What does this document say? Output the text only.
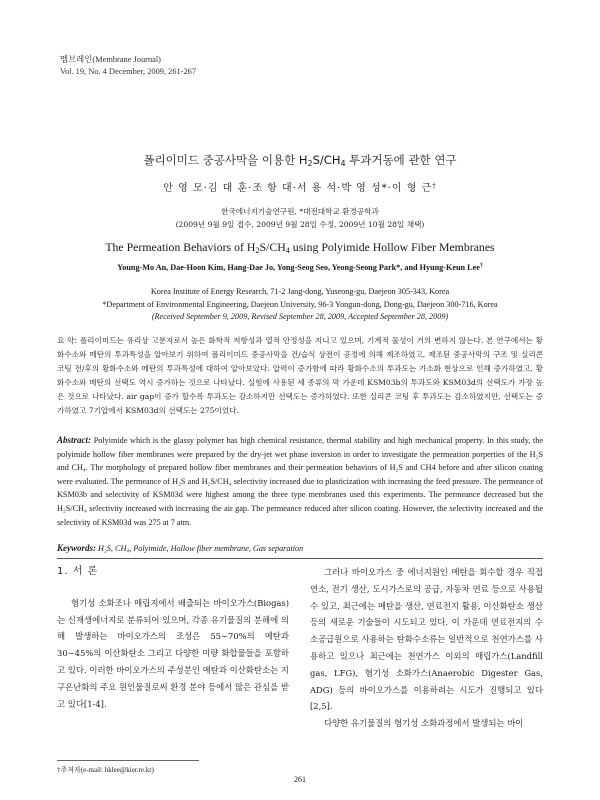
멤브레인(Membrane Journal)
Vol. 19, No. 4 December, 2009, 261-267
폴리이미드 중공사막을 이용한 $H_2S/CH_4$ 투과거동에 관한 연구
안 영 모·김 대 훈·조 항 대·서 용 석·박 영 성*·이 형 근†
한국에너지기술연구원, *대전대학교 환경공학과
(2009년 9월 9일 접수, 2009년 9월 28일 수정, 2009년 10월 28일 채택)
The Permeation Behaviors of $H_2S/CH_4$ using Polyimide Hollow Fiber Membranes
Young-Mo An, Dae-Hoon Kim, Hang-Dae Jo, Yong-Seog Seo, Yeong-Seong Park*, and Hyung-Keun Lee†
Korea Institute of Energy Research, 71-2 Jang-dong, Yuseong-gu, Daejeon 305-343, Korea
*Department of Environmental Engineering, Daejeon University, 96-3 Yongun-dong, Dong-gu, Daejeon 300-716, Korea
(Received September 9, 2009, Revised September 28, 2009, Accepted September 28, 2009)
요 약: 폴리이미드는 유리상 고분자로서 높은 화학적 저항성과 열적 안정성을 지니고 있으며, 기계적 물성이 거의 변하지 않는다. 본 연구에서는 황화수소와 메탄의 투과특성을 알아보기 위하여 폴리이미드 중공사막을 건/습식 상전이 공정에 의해 제조하였고, 제조된 중공사막의 구조 및 실리콘 코팅 전/후의 황화수소와 메탄의 투과특성에 대하여 알아보았다. 압력이 증가함에 따라 황화수소의 투과도는 가소화 현상으로 인해 증가하였고, 황화수소와 메탄의 선택도 역시 증가하는 것으로 나타났다. 실험에 사용된 세 종류의 막 가운데 KSM03b의 투과도와 KSM03d의 선택도가 가장 높은 것으로 나타났다. air gap이 증가 할수록 투과도는 감소하지만 선택도는 증가하였다. 또한 실리콘 코팅 후 투과도는 감소하였지만, 선택도는 증가하였고 7기압에서 KSM03d의 선택도는 275이었다.
Abstract: Polyimide which is the glassy polymer has high chemical resistance, thermal stability and high mechanical property. In this study, the polyimide hollow fiber membranes were prepared by the dry-jet wet phase inversion in order to investigate the permeation porperties of the H₂S and CH₄. The morphology of prepared hollow fiber membranes and their permeation behaviors of H₂S and CH4 before and after silicon coating were evaluated. The permeance of H₂S and H₂S/CH₄ selectivity increased due to plasticization with increasing the feed pressure. The permeance of KSM03b and selectivity of KSM03d were highest among the three type membranes used this experiments. The permeance decreased but the H₂S/CH₄ selectivity increased with increasing the air gap. The permeance reduced after silicon coating. However, the selectivity increased and the selectivity of KSM03d was 275 at 7 atm.
Keywords: H₂S, CH₄, Polyimide, Hollow fiber membrane, Gas separation
1. 서 론

혐기성 소화조나 매립지에서 배출되는 바이오가스(Biogas)는 신재생에너지로 분류되어 있으며, 각종 유기물질의 분해에 의해 발생하는 바이오가스의 조성은 55∼70%의 메탄과 30∼45%의 이산화탄소 그리고 다양한 미량 화합물들을 포함하고 있다. 이러한 바이오가스의 주성분인 메탄과 이산화탄소는 지구온난화의 주요 원인물질로써 환경 분야 등에서 많은 관심을 받고 있다[1-4].

그러나 바이오가스 중 에너지원인 메탄을 회수할 경우 직접연소, 전기 생산, 도시가스로의 공급, 자동차 연료 등으로 사용될 수 있고, 최근에는 메탄을 생산, 연료전지 활용, 이산화탄소 생산 등의 새로운 기술들이 시도되고 있다. 이 가운데 연료전지의 수소공급원으로 사용하는 탄화수소류는 일반적으로 천연가스를 사용하고 있으나 최근에는 천연가스 이외의 매립가스(Landfill gas, LFG), 혐기성 소화가스(Anaerobic Digester Gas, ADG) 등의 바이오가스를 이용하려는 시도가 진행되고 있다[2,5].

다양한 유기물질의 혐기성 소화과정에서 발생되는 바이

†주저자(e-mail: hklee@kier.re.kr)
261
